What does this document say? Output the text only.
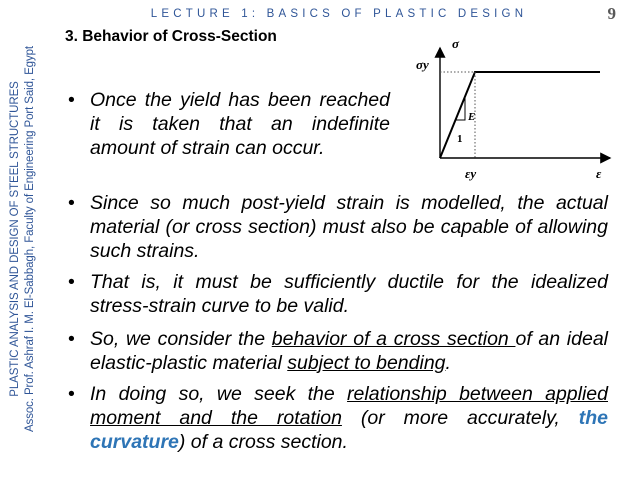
PLASTIC ANALYSIS AND DESIGN OF STEEL STRUCTURES Assoc. Prof. Ashraf I. M. El-Sabbagh, Faculty of Engineering Port Said, Egypt
LECTURE 1: BASICS OF PLASTIC DESIGN	9
3. Behavior of Cross-Section	σ
σy
E
1
εy	ε
• Once the yield has been reached it is taken that an indefinite amount of strain can occur.
• Since so much post-yield strain is modelled, the actual material (or cross section) must also be capable of allowing such strains.
• That is, it must be sufficiently ductile for the idealized stress-strain curve to be valid.
• So, we consider the behavior of a cross section of an ideal elastic-plastic material subject to bending.
• In doing so, we seek the relationship between applied moment and the rotation (or more accurately, the curvature) of a cross section.
